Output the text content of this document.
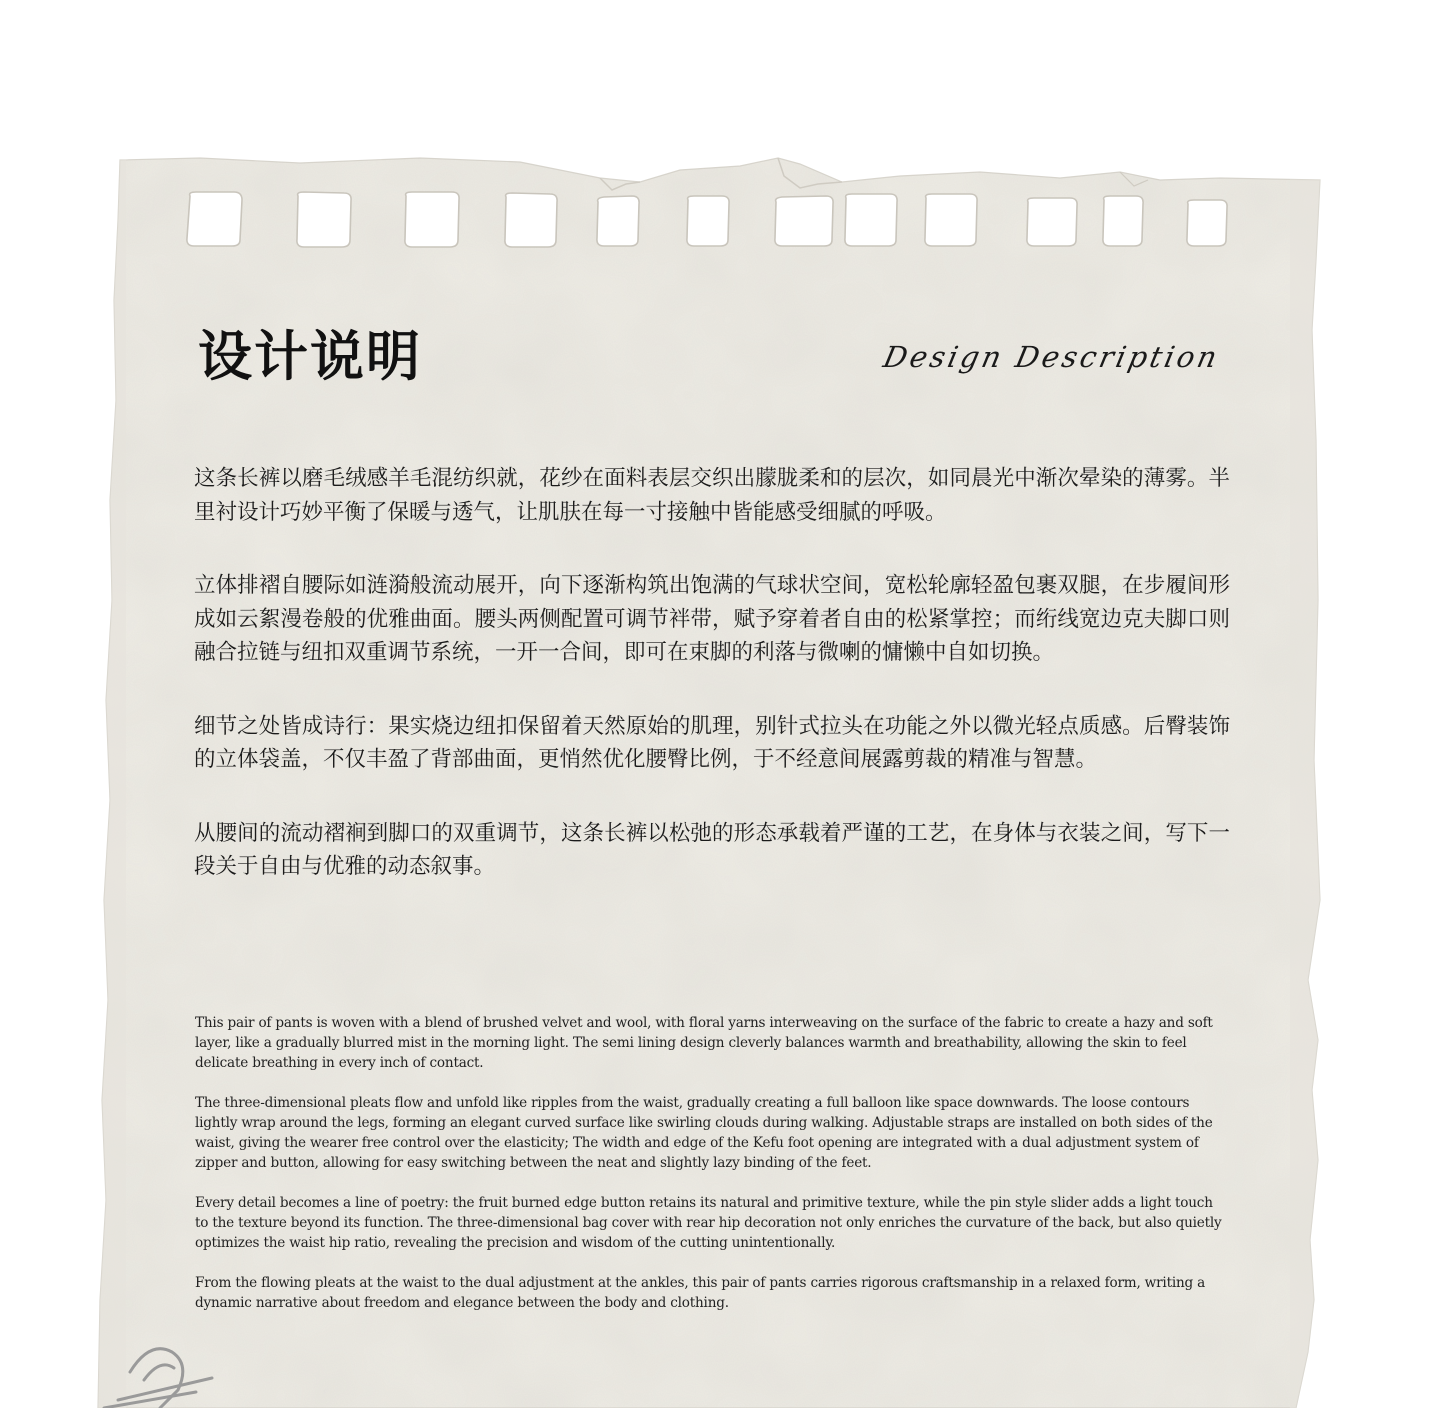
设计说明	Design Description

这条长裤以磨毛绒感羊毛混纺织就，花纱在面料表层交织出朦胧柔和的层次，如同晨光中渐次晕染的薄雾。半里衬设计巧妙平衡了保暖与透气，让肌肤在每一寸接触中皆能感受细腻的呼吸。

立体排褶自腰际如涟漪般流动展开，向下逐渐构筑出饱满的气球状空间，宽松轮廓轻盈包裹双腿，在步履间形成如云絮漫卷般的优雅曲面。腰头两侧配置可调节袢带，赋予穿着者自由的松紧掌控；而绗线宽边克夫脚口则融合拉链与纽扣双重调节系统，一开一合间，即可在束脚的利落与微喇的慵懒中自如切换。

细节之处皆成诗行：果实烧边纽扣保留着天然原始的肌理，别针式拉头在功能之外以微光轻点质感。后臀装饰的立体袋盖，不仅丰盈了背部曲面，更悄然优化腰臀比例，于不经意间展露剪裁的精准与智慧。

从腰间的流动褶裥到脚口的双重调节，这条长裤以松弛的形态承载着严谨的工艺，在身体与衣装之间，写下一段关于自由与优雅的动态叙事。

This pair of pants is woven with a blend of brushed velvet and wool, with floral yarns interweaving on the surface of the fabric to create a hazy and soft layer, like a gradually blurred mist in the morning light. The semi lining design cleverly balances warmth and breathability, allowing the skin to feel delicate breathing in every inch of contact.

The three-dimensional pleats flow and unfold like ripples from the waist, gradually creating a full balloon like space downwards. The loose contours lightly wrap around the legs, forming an elegant curved surface like swirling clouds during walking. Adjustable straps are installed on both sides of the waist, giving the wearer free control over the elasticity; The width and edge of the Kefu foot opening are integrated with a dual adjustment system of zipper and button, allowing for easy switching between the neat and slightly lazy binding of the feet.

Every detail becomes a line of poetry: the fruit burned edge button retains its natural and primitive texture, while the pin style slider adds a light touch to the texture beyond its function. The three-dimensional bag cover with rear hip decoration not only enriches the curvature of the back, but also quietly optimizes the waist hip ratio, revealing the precision and wisdom of the cutting unintentionally.

From the flowing pleats at the waist to the dual adjustment at the ankles, this pair of pants carries rigorous craftsmanship in a relaxed form, writing a dynamic narrative about freedom and elegance between the body and clothing.
